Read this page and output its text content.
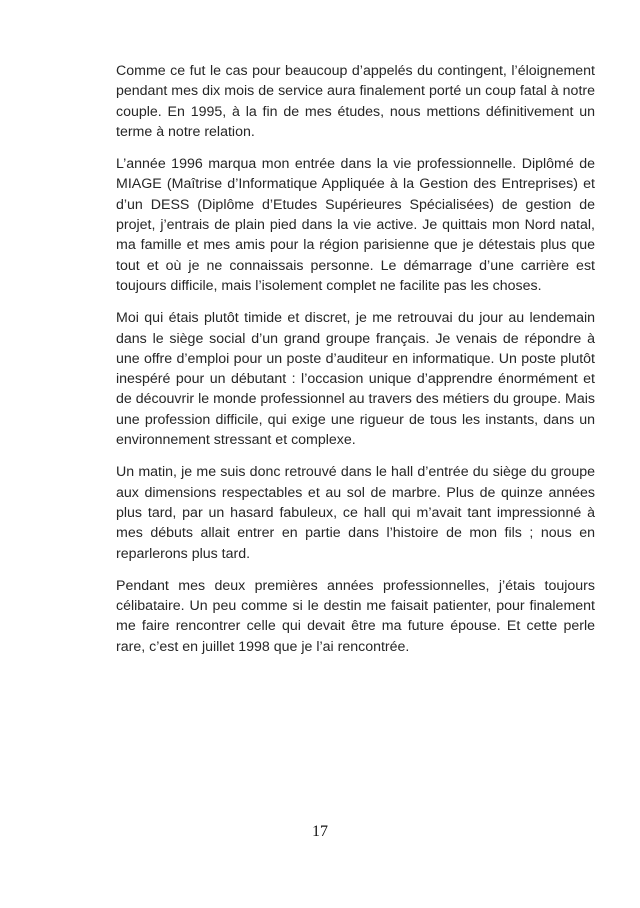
Comme ce fut le cas pour beaucoup d’appelés du contingent, l’éloignement pendant mes dix mois de service aura finalement porté un coup fatal à notre couple. En 1995, à la fin de mes études, nous mettions définitivement un terme à notre relation.

L’année 1996 marqua mon entrée dans la vie professionnelle. Diplômé de MIAGE (Maîtrise d’Informatique Appliquée à la Gestion des Entreprises) et d’un DESS (Diplôme d’Etudes Supérieures Spécialisées) de gestion de projet, j’entrais de plain pied dans la vie active. Je quittais mon Nord natal, ma famille et mes amis pour la région parisienne que je détestais plus que tout et où je ne connaissais personne. Le démarrage d’une carrière est toujours difficile, mais l’isolement complet ne facilite pas les choses.

Moi qui étais plutôt timide et discret, je me retrouvai du jour au lendemain dans le siège social d’un grand groupe français. Je venais de répondre à une offre d’emploi pour un poste d’auditeur en informatique. Un poste plutôt inespéré pour un débutant : l’occasion unique d’apprendre énormément et de découvrir le monde professionnel au travers des métiers du groupe. Mais une profession difficile, qui exige une rigueur de tous les instants, dans un environnement stressant et complexe.

Un matin, je me suis donc retrouvé dans le hall d’entrée du siège du groupe aux dimensions respectables et au sol de marbre. Plus de quinze années plus tard, par un hasard fabuleux, ce hall qui m’avait tant impressionné à mes débuts allait entrer en partie dans l’histoire de mon fils ; nous en reparlerons plus tard.

Pendant mes deux premières années professionnelles, j’étais toujours célibataire. Un peu comme si le destin me faisait patienter, pour finalement me faire rencontrer celle qui devait être ma future épouse. Et cette perle rare, c’est en juillet 1998 que je l’ai rencontrée.

17
